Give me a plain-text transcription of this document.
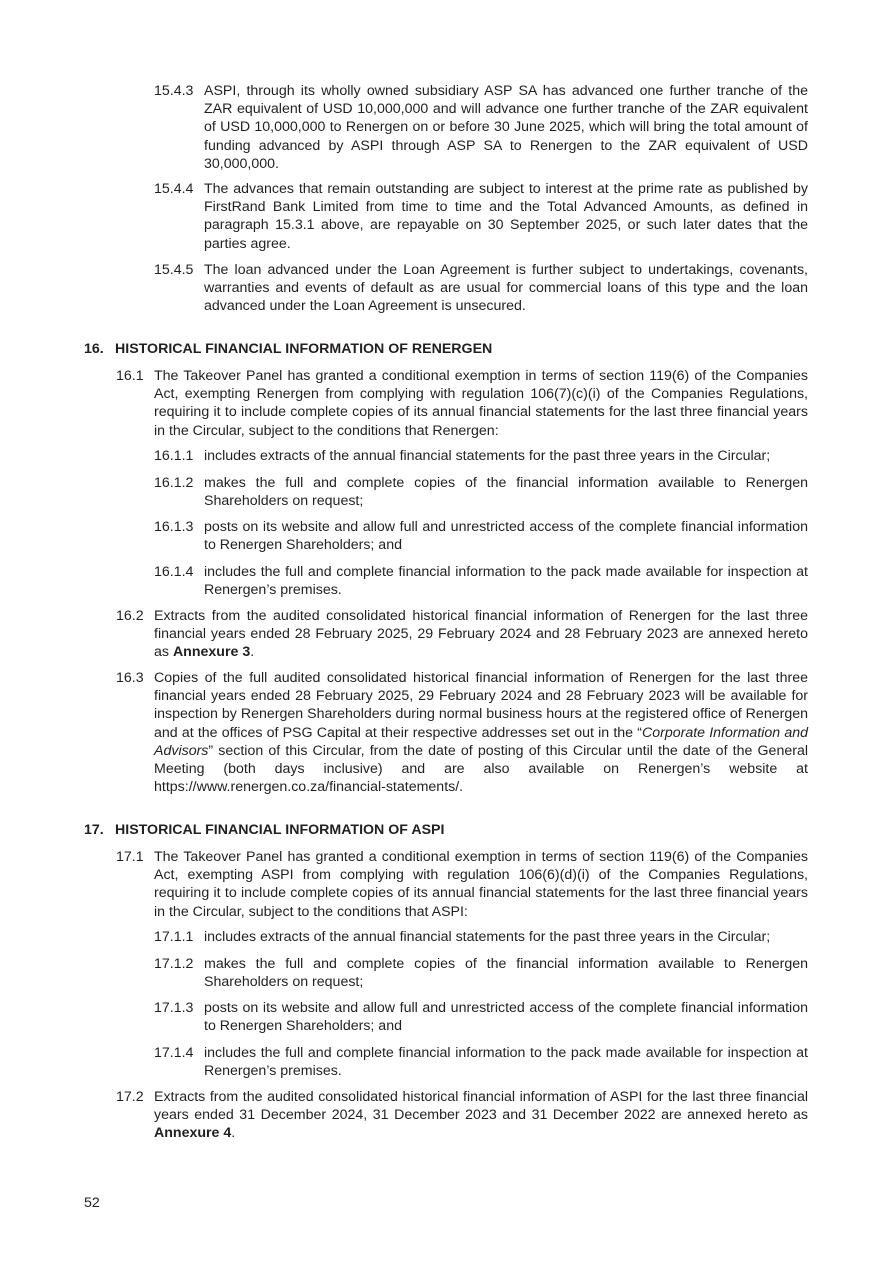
15.4.3 ASPI, through its wholly owned subsidiary ASP SA has advanced one further tranche of the ZAR equivalent of USD 10,000,000 and will advance one further tranche of the ZAR equivalent of USD 10,000,000 to Renergen on or before 30 June 2025, which will bring the total amount of funding advanced by ASPI through ASP SA to Renergen to the ZAR equivalent of USD 30,000,000.
15.4.4 The advances that remain outstanding are subject to interest at the prime rate as published by FirstRand Bank Limited from time to time and the Total Advanced Amounts, as defined in paragraph 15.3.1 above, are repayable on 30 September 2025, or such later dates that the parties agree.
15.4.5 The loan advanced under the Loan Agreement is further subject to undertakings, covenants, warranties and events of default as are usual for commercial loans of this type and the loan advanced under the Loan Agreement is unsecured.
16. HISTORICAL FINANCIAL INFORMATION OF RENERGEN
16.1 The Takeover Panel has granted a conditional exemption in terms of section 119(6) of the Companies Act, exempting Renergen from complying with regulation 106(7)(c)(i) of the Companies Regulations, requiring it to include complete copies of its annual financial statements for the last three financial years in the Circular, subject to the conditions that Renergen:
16.1.1 includes extracts of the annual financial statements for the past three years in the Circular;
16.1.2 makes the full and complete copies of the financial information available to Renergen Shareholders on request;
16.1.3 posts on its website and allow full and unrestricted access of the complete financial information to Renergen Shareholders; and
16.1.4 includes the full and complete financial information to the pack made available for inspection at Renergen’s premises.
16.2 Extracts from the audited consolidated historical financial information of Renergen for the last three financial years ended 28 February 2025, 29 February 2024 and 28 February 2023 are annexed hereto as Annexure 3.
16.3 Copies of the full audited consolidated historical financial information of Renergen for the last three financial years ended 28 February 2025, 29 February 2024 and 28 February 2023 will be available for inspection by Renergen Shareholders during normal business hours at the registered office of Renergen and at the offices of PSG Capital at their respective addresses set out in the “Corporate Information and Advisors” section of this Circular, from the date of posting of this Circular until the date of the General Meeting (both days inclusive) and are also available on Renergen’s website at https://www.renergen.co.za/financial-statements/.
17. HISTORICAL FINANCIAL INFORMATION OF ASPI
17.1 The Takeover Panel has granted a conditional exemption in terms of section 119(6) of the Companies Act, exempting ASPI from complying with regulation 106(6)(d)(i) of the Companies Regulations, requiring it to include complete copies of its annual financial statements for the last three financial years in the Circular, subject to the conditions that ASPI:
17.1.1 includes extracts of the annual financial statements for the past three years in the Circular;
17.1.2 makes the full and complete copies of the financial information available to Renergen Shareholders on request;
17.1.3 posts on its website and allow full and unrestricted access of the complete financial information to Renergen Shareholders; and
17.1.4 includes the full and complete financial information to the pack made available for inspection at Renergen’s premises.
17.2 Extracts from the audited consolidated historical financial information of ASPI for the last three financial years ended 31 December 2024, 31 December 2023 and 31 December 2022 are annexed hereto as Annexure 4.
52
